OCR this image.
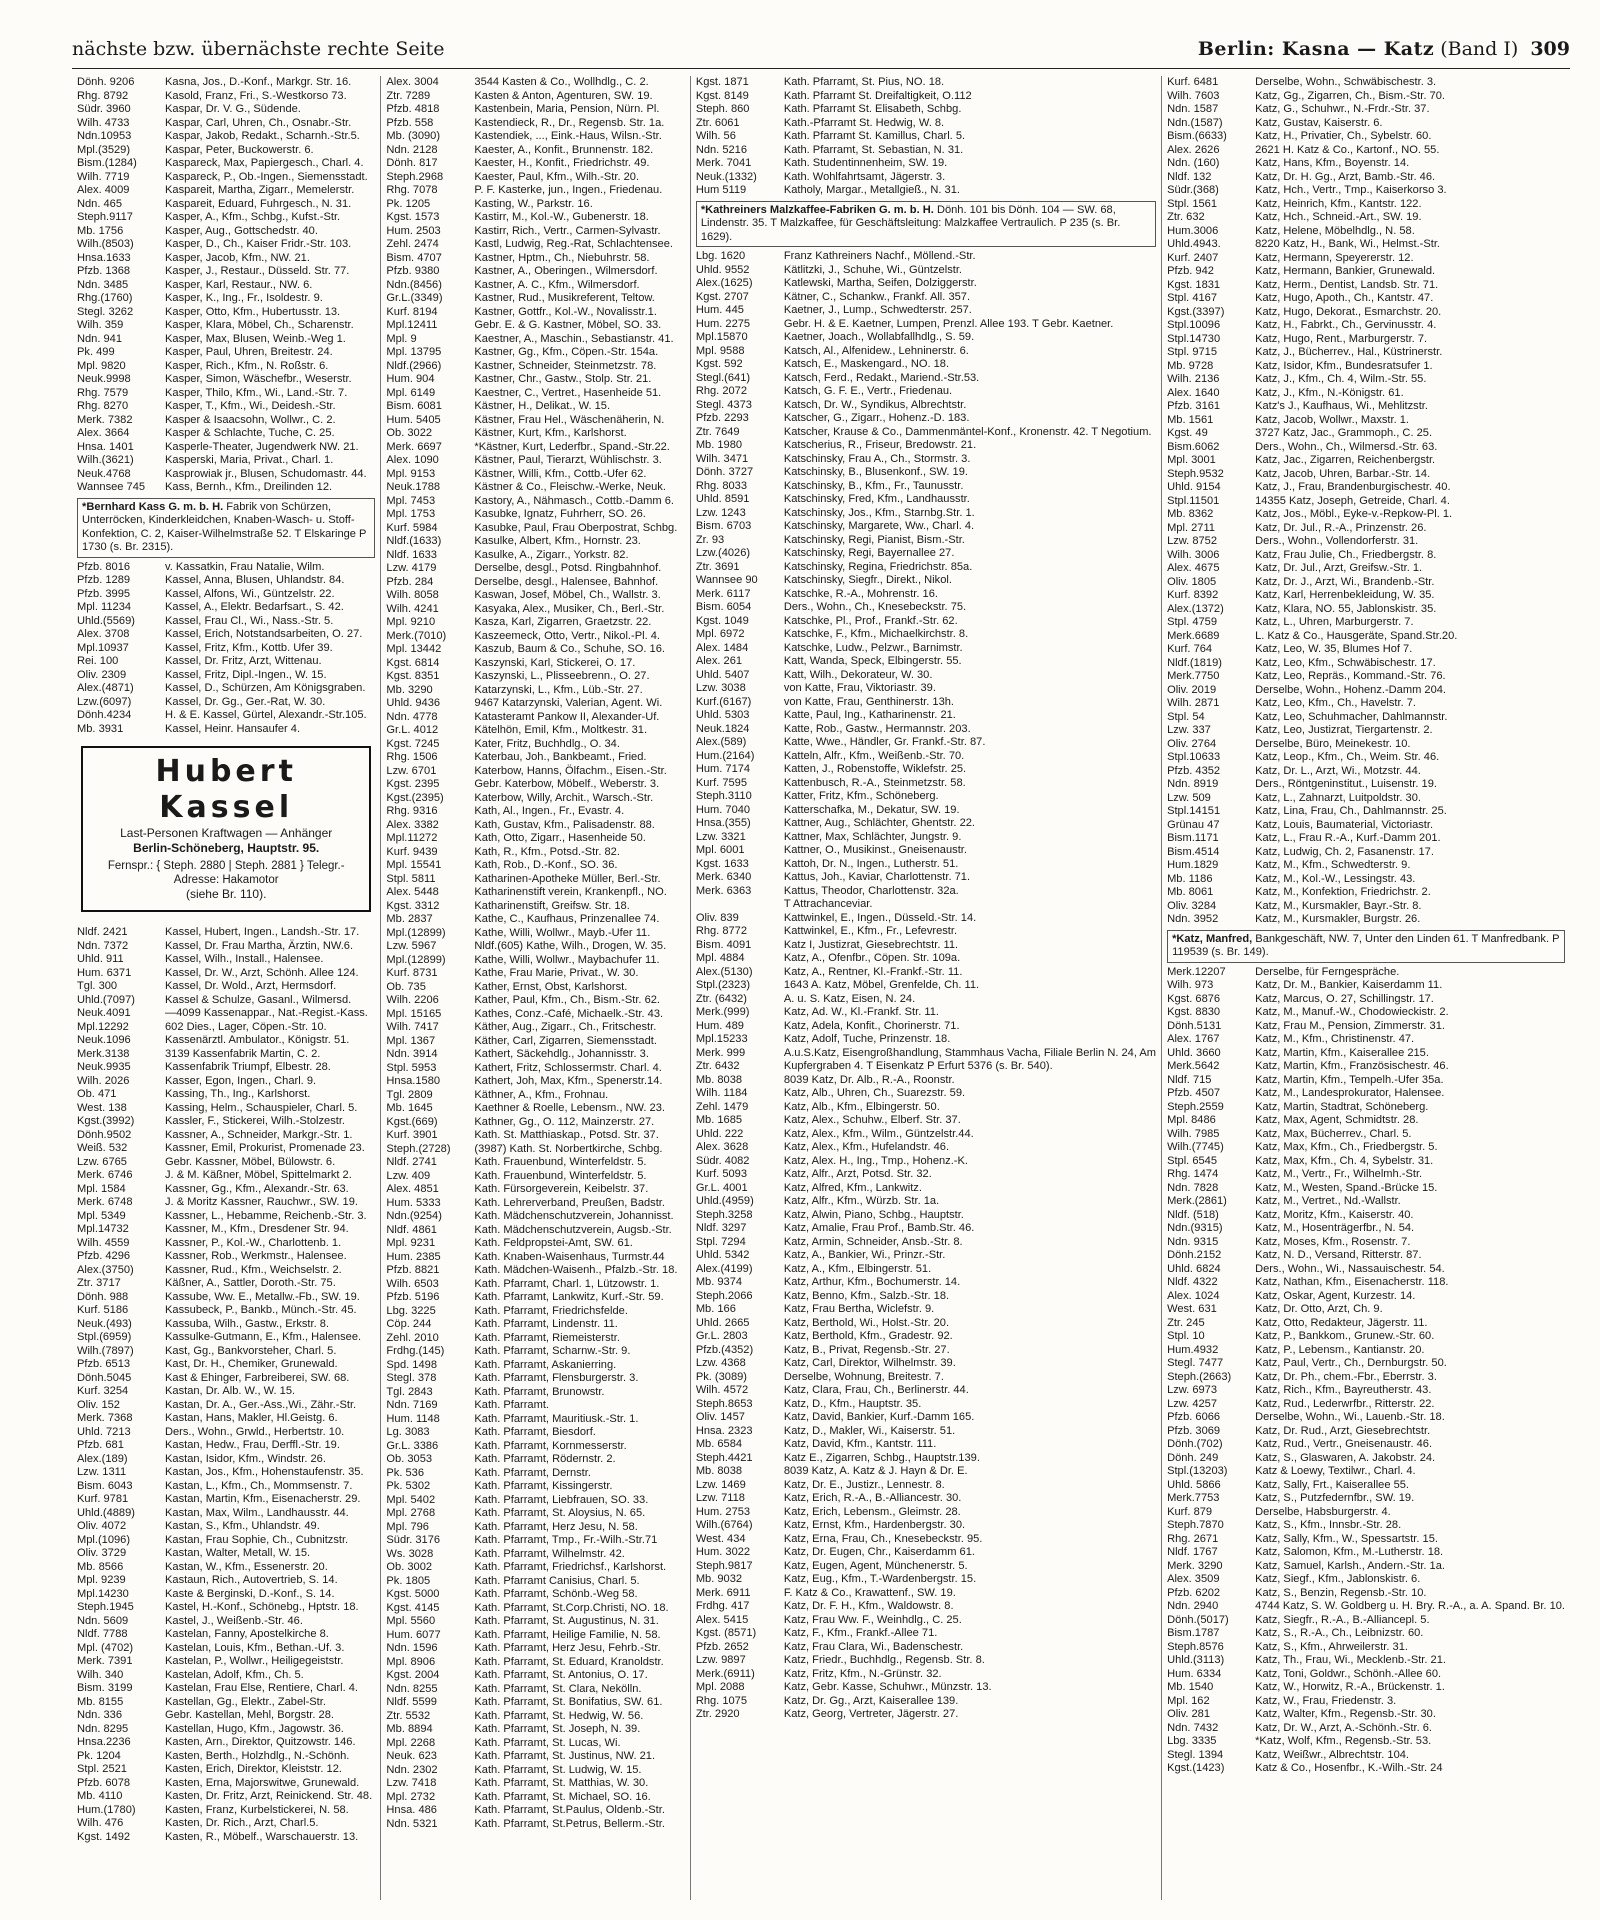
nächste bzw. übernächste rechte Seite	Berlin: Kasna — Katz (Band I) 309
Dönh. 9206	Kasna, Jos., D.-Konf., Markgr. Str. 16.
Rhg. 8792	Kasold, Franz, Fri., S.-Westkorso 73.
Südr. 3960	Kaspar, Dr. V. G., Südende.
Wilh. 4733	Kaspar, Carl, Uhren, Ch., Osnabr.-Str.
Ndn.10953	Kaspar, Jakob, Redakt., Scharnh.-Str.5.
Mpl.(3529)	Kaspar, Peter, Buckowerstr. 6.
Bism.(1284)	Kaspareck, Max, Papiergesch., Charl. 4.
Wilh. 7719	Kaspareck, P., Ob.-Ingen., Siemensstadt.
Alex. 4009	Kaspareit, Martha, Zigarr., Memelerstr.
Ndn. 465	Kaspareit, Eduard, Fuhrgesch., N. 31.
Steph.9117	Kasper, A., Kfm., Schbg., Kufst.-Str.
Mb. 1756	Kasper, Aug., Gottschedstr. 40.
Wilh.(8503)	Kasper, D., Ch., Kaiser Fridr.-Str. 103.
Hnsa.1633	Kasper, Jacob, Kfm., NW. 21.
Pfzb. 1368	Kasper, J., Restaur., Düsseld. Str. 77.
Ndn. 3485	Kasper, Karl, Restaur., NW. 6.
Rhg.(1760)	Kasper, K., Ing., Fr., Isoldestr. 9.
Stegl. 3262	Kasper, Otto, Kfm., Hubertusstr. 13.
Wilh. 359	Kasper, Klara, Möbel, Ch., Scharenstr.
Ndn. 941	Kasper, Max, Blusen, Weinb.-Weg 1.
Pk. 499	Kasper, Paul, Uhren, Breitestr. 24.
Mpl. 9820	Kasper, Rich., Kfm., N. Roßstr. 6.
Neuk.9998	Kasper, Simon, Wäschefbr., Weserstr.
Rhg. 7579	Kasper, Thilo, Kfm., Wi., Land.-Str. 7.
Rhg. 8270	Kasper, T., Kfm., Wi., Deidesh.-Str.
Merk. 7382	Kasper & Isaacsohn, Wollwr., C. 2.
Alex. 3664	Kasper & Schlachte, Tuche, C. 25.
Hnsa. 1401	Kasperle-Theater, Jugendwerk NW. 21.
Wilh.(3621)	Kasperski, Maria, Privat., Charl. 1.
Neuk.4768	Kasprowiak jr., Blusen, Schudomastr. 44.
Wannsee 745 Kass, Bernh., Kfm., Dreilinden 12.
*Bernhard Kass G. m. b. H. Fabrik von Schürzen, Unterröcken, Kinderkleidchen, Knaben-Wasch- u. Stoff-Konfektion, C. 2, Kaiser-Wilhelmstraße 52. T Elskaringe P 1730 (s. Br. 2315).
Pfzb. 8016	v. Kassatkin, Frau Natalie, Wilm.
Pfzb. 1289	Kassel, Anna, Blusen, Uhlandstr. 84.
Pfzb. 3995	Kassel, Alfons, Wi., Güntzelstr. 22.
Mpl. 11234	Kassel, A., Elektr. Bedarfsart., S. 42.
Uhld.(5569)	Kassel, Frau Cl., Wi., Nass.-Str. 5.
Alex. 3708	Kassel, Erich, Notstandsarbeiten, O. 27.
Mpl.10937	Kassel, Fritz, Kfm., Kottb. Ufer 39.
Rei. 100	Kassel, Dr. Fritz, Arzt, Wittenau.
Oliv. 2309	Kassel, Fritz, Dipl.-Ingen., W. 15.
Alex.(4871)	Kassel, D., Schürzen, Am Königsgraben.
Lzw.(6097)	Kassel, Dr. Gg., Ger.-Rat, W. 30.
Dönh.4234	H. & E. Kassel, Gürtel, Alexandr.-Str.105.
Mb. 3931	Kassel, Heinr. Hansaufer 4.
Hubert Kassel
Last-Personen Kraftwagen — Anhänger
Berlin-Schöneberg, Hauptstr. 95.
Fernspr.: { Steph. 2880 | Steph. 2881 } Telegr.-Adresse: Hakamotor
(siehe Br. 110).
Nldf. 2421	Kassel, Hubert, Ingen., Landsh.-Str. 17.
Ndn. 7372	Kassel, Dr. Frau Martha, Ärztin, NW.6.
Uhld. 911	Kassel, Wilh., Install., Halensee.
Hum. 6371	Kassel, Dr. W., Arzt, Schönh. Allee 124.
Tgl. 300	Kassel, Dr. Wold., Arzt, Hermsdorf.
Uhld.(7097)	Kassel & Schulze, Gasanl., Wilmersd.
Neuk.4091	—4099 Kassenappar., Nat.-Regist.-Kass.
Mpl.12292	602 Dies., Lager, Cöpen.-Str. 10.
Neuk.1096	Kassenärztl. Ambulator., Königstr. 51.
Merk.3138	3139 Kassenfabrik Martin, C. 2.
Neuk.9935	Kassenfabrik Triumpf, Elbestr. 28.
Wilh. 2026	Kasser, Egon, Ingen., Charl. 9.
Ob. 471	Kassing, Th., Ing., Karlshorst.
West. 138	Kassing, Helm., Schauspieler, Charl. 5.
Kgst.(3992)	Kassler, F., Stickerei, Wilh.-Stolzestr.
Dönh.9502	Kassner, A., Schneider, Markgr.-Str. 1.
Weiß. 532	Kassner, Emil, Prokurist, Promenade 23.
Lzw. 6765	Gebr. Kassner, Möbel, Bülowstr. 6.
Merk. 6746	J. & M. Käßner, Möbel, Spittelmarkt 2.
Mpl. 1584	Kassner, Gg., Kfm., Alexandr.-Str. 63.
Merk. 6748	J. & Moritz Kassner, Rauchwr., SW. 19.
Mpl. 5349	Kassner, L., Hebamme, Reichenb.-Str. 3.
Mpl.14732	Kassner, M., Kfm., Dresdener Str. 94.
Wilh. 4559	Kassner, P., Kol.-W., Charlottenb. 1.
Pfzb. 4296	Kassner, Rob., Werkmstr., Halensee.
Alex.(3750)	Kassner, Rud., Kfm., Weichselstr. 2.
Ztr. 3717	Käßner, A., Sattler, Doroth.-Str. 75.
Dönh. 988	Kassube, Ww. E., Metallw.-Fb., SW. 19.
Kurf. 5186	Kassubeck, P., Bankb., Münch.-Str. 45.
Neuk.(493)	Kassuba, Wilh., Gastw., Erkstr. 8.
Stpl.(6959)	Kassulke-Gutmann, E., Kfm., Halensee.
Wilh.(7897)	Kast, Gg., Bankvorsteher, Charl. 5.
Pfzb. 6513	Kast, Dr. H., Chemiker, Grunewald.
Dönh.5045	Kast & Ehinger, Farbreiberei, SW. 68.
Kurf. 3254	Kastan, Dr. Alb. W., W. 15.
Oliv. 152	Kastan, Dr. A., Ger.-Ass.,Wi., Zähr.-Str.
Merk. 7368	Kastan, Hans, Makler, Hl.Geistg. 6.
Uhld. 7213	Ders., Wohn., Grwld., Herbertstr. 10.
Pfzb. 681	Kastan, Hedw., Frau, Derffl.-Str. 19.
Alex.(189)	Kastan, Isidor, Kfm., Windstr. 26.
Lzw. 1311	Kastan, Jos., Kfm., Hohenstaufenstr. 35.
Bism. 6043	Kastan, L., Kfm., Ch., Mommsenstr. 7.
Kurf. 9781	Kastan, Martin, Kfm., Eisenacherstr. 29.
Uhld.(4889)	Kastan, Max, Wilm., Landhausstr. 44.
Oliv. 4072	Kastan, S., Kfm., Uhlandstr. 49.
Mpl.(1096)	Kastan, Frau Sophie, Ch., Cubnitzstr.
Oliv. 3729	Kastan, Walter, Metall, W. 15.
Mb. 8566	Kastan, W., Kfm., Essenerstr. 20.
Mpl. 9239	Kastaun, Rich., Autovertrieb, S. 14.
Mpl.14230	Kaste & Berginski, D.-Konf., S. 14.
Steph.1945	Kastel, H.-Konf., Schönebg., Hptstr. 18.
Ndn. 5609	Kastel, J., Weißenb.-Str. 46.
Nldf. 7788	Kastelan, Fanny, Apostelkirche 8.
Mpl. (4702)	Kastelan, Louis, Kfm., Bethan.-Uf. 3.
Merk. 7391	Kastelan, P., Wollwr., Heiligegeiststr.
Wilh. 340	Kastelan, Adolf, Kfm., Ch. 5.
Bism. 3199	Kastelan, Frau Else, Rentiere, Charl. 4.
Mb. 8155	Kastellan, Gg., Elektr., Zabel-Str.
Ndn. 336	Gebr. Kastellan, Mehl, Borgstr. 28.
Ndn. 8295	Kastellan, Hugo, Kfm., Jagowstr. 36.
Hnsa.2236	Kasten, Arn., Direktor, Quitzowstr. 146.
Pk. 1204	Kasten, Berth., Holzhdlg., N.-Schönh.
Stpl. 2521	Kasten, Erich, Direktor, Kleiststr. 12.
Pfzb. 6078	Kasten, Erna, Majorswitwe, Grunewald.
Mb. 4110	Kasten, Dr. Fritz, Arzt, Reinickend. Str. 48.
Hum.(1780)	Kasten, Franz, Kurbelstickerei, N. 58.
Wilh. 476	Kasten, Dr. Rich., Arzt, Charl.5.
Kgst. 1492	Kasten, R., Möbelf., Warschauerstr. 13.
Alex. 3004	3544 Kasten & Co., Wollhdlg., C. 2.
Ztr. 7289	Kasten & Anton, Agenturen, SW. 19.
Pfzb. 4818	Kastenbein, Maria, Pension, Nürn. Pl.
Pfzb. 558	Kastendieck, R., Dr., Regensb. Str. 1a.
Mb. (3090)	Kastendiek, ..., Eink.-Haus, Wilsn.-Str.
Ndn. 2128	Kaester, A., Konfit., Brunnenstr. 182.
Dönh. 817	Kaester, H., Konfit., Friedrichstr. 49.
Steph.2968	Kaester, Paul, Kfm., Wilh.-Str. 20.
Rhg. 7078	P. F. Kasterke, jun., Ingen., Friedenau.
Pk. 1205	Kasting, W., Parkstr. 16.
Kgst. 1573	Kastirr, M., Kol.-W., Gubenerstr. 18.
Hum. 2503	Kastirr, Rich., Vertr., Carmen-Sylvastr.
Zehl. 2474	Kastl, Ludwig, Reg.-Rat, Schlachtensee.
Bism. 4707	Kastner, Hptm., Ch., Niebuhrstr. 58.
Pfzb. 9380	Kastner, A., Oberingen., Wilmersdorf.
Ndn.(8456)	Kastner, A. C., Kfm., Wilmersdorf.
Gr.L.(3349)	Kastner, Rud., Musikreferent, Teltow.
Kurf. 8194	Kastner, Gottfr., Kol.-W., Novalisstr.1.
Mpl.12411	Gebr. E. & G. Kastner, Möbel, SO. 33.
Mpl. 9	Kaestner, A., Maschin., Sebastianstr. 41.
Mpl. 13795	Kastner, Gg., Kfm., Cöpen.-Str. 154a.
Nldf.(2966)	Kastner, Schneider, Steinmetzstr. 78.
Hum. 904	Kastner, Chr., Gastw., Stolp. Str. 21.
Mpl. 6149	Kaestner, C., Vertret., Hasenheide 51.
Bism. 6081	Kästner, H., Delikat., W. 15.
Hum. 5405	Kästner, Frau Hel., Wäschenäherin, N.
Ob. 3022	Kästner, Kurt, Kfm., Karlshorst.
Merk. 6697	*Kästner, Kurt, Lederfbr., Spand.-Str.22.
Alex. 1090	Kästner, Paul, Tierarzt, Wühlischstr. 3.
Mpl. 9153	Kästner, Willi, Kfm., Cottb.-Ufer 62.
Neuk.1788	Kästner & Co., Fleischw.-Werke, Neuk.
Mpl. 7453	Kastory, A., Nähmasch., Cottb.-Damm 6.
Mpl. 1753	Kasubke, Ignatz, Fuhrherr, SO. 26.
Kurf. 5984	Kasubke, Paul, Frau Oberpostrat, Schbg.
Nldf.(1633)	Kasulke, Albert, Kfm., Hornstr. 23.
Nldf. 1633	Kasulke, A., Zigarr., Yorkstr. 82.
Lzw. 4179	Derselbe, desgl., Potsd. Ringbahnhof.
Pfzb. 284	Derselbe, desgl., Halensee, Bahnhof.
Wilh. 8058	Kaswan, Josef, Möbel, Ch., Wallstr. 3.
Wilh. 4241	Kasyaka, Alex., Musiker, Ch., Berl.-Str.
Mpl. 9210	Kasza, Karl, Zigarren, Graetzstr. 22.
Merk.(7010)	Kaszeemeck, Otto, Vertr., Nikol.-Pl. 4.
Mpl. 13442	Kaszub, Baum & Co., Schuhe, SO. 16.
Kgst. 6814	Kaszynski, Karl, Stickerei, O. 17.
Kgst. 8351	Kaszynski, L., Plisseebrenn., O. 27.
Mb. 3290	Katarzynski, L., Kfm., Lüb.-Str. 27.
Uhld. 9436	9467 Katarzynski, Valerian, Agent. Wi.
Ndn. 4778	Katasteramt Pankow II, Alexander-Uf.
Gr.L. 4012	Kätelhön, Emil, Kfm., Moltkestr. 31.
Kgst. 7245	Kater, Fritz, Buchhdlg., O. 34.
Rhg. 1506	Katerbau, Joh., Bankbeamt., Fried.
Lzw. 6701	Katerbow, Hanns, Ölfachm., Eisen.-Str.
Kgst. 2395	Gebr. Katerbow, Möbelf., Weberstr. 3.
Kgst.(2395)	Katerbow, Willy, Archit., Warsch.-Str.
Rhg. 9316	Kath, Al., Ingen., Fr., Evastr. 4.
Alex. 3382	Kath, Gustav, Kfm., Palisadenstr. 88.
Mpl.11272	Kath, Otto, Zigarr., Hasenheide 50.
Kurf. 9439	Kath, R., Kfm., Potsd.-Str. 82.
Mpl. 15541	Kath, Rob., D.-Konf., SO. 36.
Stpl. 5811	Katharinen-Apotheke Müller, Berl.-Str.
Alex. 5448	Katharinenstift verein, Krankenpfl., NO.
Kgst. 3312	Katharinenstift, Greifsw. Str. 18.
Mb. 2837	Kathe, C., Kaufhaus, Prinzenallee 74.
Mpl.(12899)	Kathe, Willi, Wollwr., Mayb.-Ufer 11.
Lzw. 5967	Nldf.(605) Kathe, Wilh., Drogen, W. 35.
Mpl.(12899)	Kathe, Willi, Wollwr., Maybachufer 11.
Kurf. 8731	Kathe, Frau Marie, Privat., W. 30.
Ob. 735	Kather, Ernst, Obst, Karlshorst.
Wilh. 2206	Kather, Paul, Kfm., Ch., Bism.-Str. 62.
Mpl. 15165	Kathes, Conz.-Café, Michaelk.-Str. 43.
Wilh. 7417	Käther, Aug., Zigarr., Ch., Fritschestr.
Mpl. 1367	Käther, Carl, Zigarren, Siemensstadt.
Ndn. 3914	Kathert, Säckehdlg., Johannisstr. 3.
Stpl. 5953	Kathert, Fritz, Schlossermstr. Charl. 4.
Hnsa.1580	Kathert, Joh, Max, Kfm., Spenerstr.14.
Tgl. 2809	Käthner, A., Kfm., Frohnau.
Mb. 1645	Kaethner & Roelle, Lebensm., NW. 23.
Kgst.(669)	Kathner, Gg., O. 112, Mainzerstr. 27.
Kurf. 3901	Kath. St. Matthiaskap., Potsd. Str. 37.
Steph.(2728) (3987) Kath. St. Norbertkirche, Schbg.
Nldf. 2741	Kath. Frauenbund, Winterfeldstr. 5.
Lzw. 409	Kath. Frauenbund, Winterfeldstr. 5.
Alex. 4851	Kath. Fürsorgeverein, Keibelstr. 37.
Hum. 5333	Kath. Lehrerverband, Preußen, Badstr.
Ndn.(9254)	Kath. Mädchenschutzverein, Johannisst.
Nldf. 4861	Kath. Mädchenschutzverein, Augsb.-Str.
Mpl. 9231	Kath. Feldpropstei-Amt, SW. 61.
Hum. 2385	Kath. Knaben-Waisenhaus, Turmstr.44
Pfzb. 8821	Kath. Mädchen-Waisenh., Pfalzb.-Str. 18.
Wilh. 6503	Kath. Pfarramt, Charl. 1, Lützowstr. 1.
Pfzb. 5196	Kath. Pfarramt, Lankwitz, Kurf.-Str. 59.
Lbg. 3225	Kath. Pfarramt, Friedrichsfelde.
Cöp. 244	Kath. Pfarramt, Lindenstr. 11.
Zehl. 2010	Kath. Pfarramt, Riemeisterstr.
Frdhg.(145)	Kath. Pfarramt, Scharnw.-Str. 9.
Spd. 1498	Kath. Pfarramt, Askanierring.
Stegl. 378	Kath. Pfarramt, Flensburgerstr. 3.
Tgl. 2843	Kath. Pfarramt, Brunowstr.
Ndn. 7169	Kath. Pfarramt.
Hum. 1148	Kath. Pfarramt, Mauritiusk.-Str. 1.
Lg. 3083	Kath. Pfarramt, Biesdorf.
Gr.L. 3386	Kath. Pfarramt, Kornmesserstr.
Ob. 3053	Kath. Pfarramt, Rödernstr. 2.
Pk. 536	Kath. Pfarramt, Dernstr.
Pk. 5302	Kath. Pfarramt, Kissingerstr.
Mpl. 5402	Kath. Pfarramt, Liebfrauen, SO. 33.
Mpl. 2768	Kath. Pfarramt, St. Aloysius, N. 65.
Mpl. 796	Kath. Pfarramt, Herz Jesu, N. 58.
Südr. 3176	Kath. Pfarramt, Tmp., Fr.-Wilh.-Str.71
Ws. 3028	Kath. Pfarramt, Wilhelmstr. 42.
Ob. 3002	Kath. Pfarramt, Friedrichsf., Karlshorst.
Pk. 1805	Kath. Pfarramt Canisius, Charl. 5.
Kgst. 5000	Kath. Pfarramt, Schönb.-Weg 58.
Kgst. 4145	Kath. Pfarramt, St.Corp.Christi, NO. 18.
Mpl. 5560	Kath. Pfarramt, St. Augustinus, N. 31.
Hum. 6077	Kath. Pfarramt, Heilige Familie, N. 58.
Ndn. 1596	Kath. Pfarramt, Herz Jesu, Fehrb.-Str.
Mpl. 8906	Kath. Pfarramt, St. Eduard, Kranoldstr.
Kgst. 2004	Kath. Pfarramt, St. Antonius, O. 17.
Ndn. 8255	Kath. Pfarramt, St. Clara, Nekölln.
Nldf. 5599	Kath. Pfarramt, St. Bonifatius, SW. 61.
Ztr. 5532	Kath. Pfarramt, St. Hedwig, W. 56.
Mb. 8894	Kath. Pfarramt, St. Joseph, N. 39.
Mpl. 2268	Kath. Pfarramt, St. Lucas, Wi.
Neuk. 623	Kath. Pfarramt, St. Justinus, NW. 21.
Ndn. 2302	Kath. Pfarramt, St. Ludwig, W. 15.
Lzw. 7418	Kath. Pfarramt, St. Matthias, W. 30.
Mpl. 2732	Kath. Pfarramt, St. Michael, SO. 16.
Hnsa. 486	Kath. Pfarramt, St.Paulus, Oldenb.-Str.
Ndn. 5321	Kath. Pfarramt, St.Petrus, Bellerm.-Str.
Kgst. 1871	Kath. Pfarramt, St. Pius, NO. 18.
Kgst. 8149	Kath. Pfarramt St. Dreifaltigkeit, O.112
Steph. 860	Kath. Pfarramt St. Elisabeth, Schbg.
Ztr. 6061	Kath.-Pfarramt St. Hedwig, W. 8.
Wilh. 56	Kath. Pfarramt St. Kamillus, Charl. 5.
Ndn. 5216	Kath. Pfarramt, St. Sebastian, N. 31.
Merk. 7041	Kath. Studentinnenheim, SW. 19.
Neuk.(1332) Kath. Wohlfahrtsamt, Jägerstr. 3.
Hum 5119	Katholy, Margar., Metallgieß., N. 31.
*Kathreiners Malzkaffee-Fabriken G. m. b. H. Dönh. 101 bis Dönh. 104 — SW. 68, Lindenstr. 35. T Malzkaffee, für Geschäftsleitung: Malzkaffee Vertraulich. P 235 (s. Br. 1629).
Lbg. 1620	Franz Kathreiners Nachf., Möllend.-Str.
Uhld. 9552	Kätlitzki, J., Schuhe, Wi., Güntzelstr.
Alex.(1625)	Katlewski, Martha, Seifen, Dolziggerstr.
Kgst. 2707	Kätner, C., Schankw., Frankf. All. 357.
Hum. 445	Kaetner, J., Lump., Schwedterstr. 257.
Hum. 2275	Gebr. H. & E. Kaetner, Lumpen, Prenzl. Allee 193. T Gebr. Kaetner.
Mpl.15870	Kaetner, Joach., Wollabfallhdlg., S. 59.
Mpl. 9588	Katsch, Al., Alfenidew., Lehninerstr. 6.
Kgst. 592	Katsch, E., Maskengard., NO. 18.
Stegl.(641)	Katsch, Ferd., Redakt., Mariend.-Str.53.
Rhg. 2072	Katsch, G. F. E., Vertr., Friedenau.
Stegl. 4373	Katsch, Dr. W., Syndikus, Albrechtstr.
Pfzb. 2293	Katscher, G., Zigarr., Hohenz.-D. 183.
Ztr. 7649	Katscher, Krause & Co., Dammenmäntel-Konf., Kronenstr. 42. T Negotium.
Mb. 1980	Katscherius, R., Friseur, Bredowstr. 21.
Wilh. 3471	Katschinsky, Frau A., Ch., Stormstr. 3.
Dönh. 3727	Katschinsky, B., Blusenkonf., SW. 19.
Rhg. 8033	Katschinsky, B., Kfm., Fr., Taunusstr.
Uhld. 8591	Katschinsky, Fred, Kfm., Landhausstr.
Lzw. 1243	Katschinsky, Jos., Kfm., Starnbg.Str. 1.
Bism. 6703	Katschinsky, Margarete, Ww., Charl. 4.
Zr. 93	Katschinsky, Regi, Pianist, Bism.-Str.
Lzw.(4026)	Katschinsky, Regi, Bayernallee 27.
Ztr. 3691	Katschinsky, Regina, Friedrichstr. 85a.
Wannsee 90 Katschinsky, Siegfr., Direkt., Nikol.
Merk. 6117	Katschke, R.-A., Mohrenstr. 16.
Bism. 6054	Ders., Wohn., Ch., Knesebeckstr. 75.
Kgst. 1049	Katschke, Pl., Prof., Frankf.-Str. 62.
Mpl. 6972	Katschke, F., Kfm., Michaelkirchstr. 8.
Alex. 1484	Katschke, Ludw., Pelzwr., Barnimstr.
Alex. 261	Katt, Wanda, Speck, Elbingerstr. 55.
Uhld. 5407	Katt, Wilh., Dekorateur, W. 30.
Lzw. 3038	von Katte, Frau, Viktoriastr. 39.
Kurf.(6167)	von Katte, Frau, Genthinerstr. 13h.
Uhld. 5303	Katte, Paul, Ing., Katharinenstr. 21.
Neuk.1824	Katte, Rob., Gastw., Hermannstr. 203.
Alex.(589)	Katte, Wwe., Händler, Gr. Frankf.-Str. 87.
Hum.(2164)	Katteln, Alfr., Kfm., Weißenb.-Str. 70.
Hum. 7174	Katten, J., Robenstoffe, Wiklefstr. 25.
Kurf. 7595	Kattenbusch, R.-A., Steinmetzstr. 58.
Steph.3110	Katter, Fritz, Kfm., Schöneberg.
Hum. 7040	Katterschafka, M., Dekatur, SW. 19.
Hnsa.(355)	Kattner, Aug., Schlächter, Ghentstr. 22.
Lzw. 3321	Kattner, Max, Schlächter, Jungstr. 9.
Mpl. 6001	Kattner, O., Musikinst., Gneisenaustr.
Kgst. 1633	Kattoh, Dr. N., Ingen., Lutherstr. 51.
Merk. 6340	Kattus, Joh., Kaviar, Charlottenstr. 71.
Merk. 6363	Kattus, Theodor, Charlottenstr. 32a.
T Attrachanceviar.
Oliv. 839	Kattwinkel, E., Ingen., Düsseld.-Str. 14.
Rhg. 8772	Kattwinkel, E., Kfm., Fr., Lefevrestr.
Bism. 4091	Katz I, Justizrat, Giesebrechtstr. 11.
Mpl. 4884	Katz, A., Ofenfbr., Cöpen. Str. 109a.
Alex.(5130)	Katz, A., Rentner, Kl.-Frankf.-Str. 11.
Stpl.(2323)	1643 A. Katz, Möbel, Grenfelde, Ch. 11.
Ztr. (6432)	A. u. S. Katz, Eisen, N. 24.
Merk.(999)	Katz, Ad. W., Kl.-Frankf. Str. 11.
Hum. 489	Katz, Adela, Konfit., Chorinerstr. 71.
Mpl.15233	Katz, Adolf, Tuche, Prinzenstr. 18.
Merk. 999	A.u.S.Katz, Eisengroßhandlung, Stammhaus Vacha, Filiale Berlin N. 24, Am
Ztr. 6432	Kupfergraben 4. T Eisenkatz P Erfurt 5376 (s. Br. 540).
Mb. 8038	8039 Katz, Dr. Alb., R.-A., Roonstr.
Wilh. 1184	Katz, Alb., Uhren, Ch., Suarezstr. 59.
Zehl. 1479	Katz, Alb., Kfm., Elbingerstr. 50.
Mb. 1685	Katz, Alex., Schuhw., Elberf. Str. 37.
Uhld. 222	Katz, Alex., Kfm., Wilm., Güntzelstr.44.
Alex. 3628	Katz, Alex., Kfm., Hufelandstr. 46.
Südr. 4082	Katz, Alex. H., Ing., Tmp., Hohenz.-K.
Kurf. 5093	Katz, Alfr., Arzt, Potsd. Str. 32.
Gr.L. 4001	Katz, Alfred, Kfm., Lankwitz.
Uhld.(4959)	Katz, Alfr., Kfm., Würzb. Str. 1a.
Steph.3258	Katz, Alwin, Piano, Schbg., Hauptstr.
Nldf. 3297	Katz, Amalie, Frau Prof., Bamb.Str. 46.
Stpl. 7294	Katz, Armin, Schneider, Ansb.-Str. 8.
Uhld. 5342	Katz, A., Bankier, Wi., Prinzr.-Str.
Alex.(4199)	Katz, A., Kfm., Elbingerstr. 51.
Mb. 9374	Katz, Arthur, Kfm., Bochumerstr. 14.
Steph.2066	Katz, Benno, Kfm., Salzb.-Str. 18.
Mb. 166	Katz, Frau Bertha, Wiclefstr. 9.
Uhld. 2665	Katz, Berthold, Wi., Holst.-Str. 20.
Gr.L. 2803	Katz, Berthold, Kfm., Gradestr. 92.
Pfzb.(4352)	Katz, B., Privat, Regensb.-Str. 27.
Lzw. 4368	Katz, Carl, Direktor, Wilhelmstr. 39.
Pk. (3089)	Derselbe, Wohnung, Breitestr. 7.
Wilh. 4572	Katz, Clara, Frau, Ch., Berlinerstr. 44.
Steph.8653	Katz, D., Kfm., Hauptstr. 35.
Oliv. 1457	Katz, David, Bankier, Kurf.-Damm 165.
Hnsa. 2323	Katz, D., Makler, Wi., Kaiserstr. 51.
Mb. 6584	Katz, David, Kfm., Kantstr. 111.
Steph.4421	Katz E., Zigarren, Schbg., Hauptstr.139.
Mb. 8038	8039 Katz, A. Katz & J. Hayn & Dr. E.
Lzw. 1469	Katz, Dr. E., Justizr., Lennestr. 8.
Lzw. 7118	Katz, Erich, R.-A., B.-Alliancestr. 30.
Hum. 2753	Katz, Erich, Lebensm., Gleimstr. 28.
Wilh.(6764)	Katz, Ernst, Kfm., Hardenbergstr. 30.
West. 434	Katz, Erna, Frau, Ch., Knesebeckstr. 95.
Hum. 3022	Katz, Dr. Eugen, Chr., Kaiserdamm 61.
Steph.9817	Katz, Eugen, Agent, Münchenerstr. 5.
Mb. 9032	Katz, Eug., Kfm., T.-Wardenbergstr. 15.
Merk. 6911	F. Katz & Co., Krawattenf., SW. 19.
Frdhg. 417	Katz, Dr. F. H., Kfm., Waldowstr. 8.
Alex. 5415	Katz, Frau Ww. F., Weinhdlg., C. 25.
Kgst. (8571) Katz, F., Kfm., Frankf.-Allee 71.
Pfzb. 2652	Katz, Frau Clara, Wi., Badenschestr.
Lzw. 9897	Katz, Friedr., Buchhdlg., Regensb. Str. 8.
Merk.(6911)	Katz, Fritz, Kfm., N.-Grünstr. 32.
Mpl. 2088	Katz, Gebr. Kasse, Schuhwr., Münzstr. 13.
Rhg. 1075	Katz, Dr. Gg., Arzt, Kaiserallee 139.
Ztr. 2920	Katz, Georg, Vertreter, Jägerstr. 27.
Kurf. 6481	Derselbe, Wohn., Schwäbischestr. 3.
Wilh. 7603	Katz, Gg., Zigarren, Ch., Bism.-Str. 70.
Ndn. 1587	Katz, G., Schuhwr., N.-Frdr.-Str. 37.
Ndn.(1587)	Katz, Gustav, Kaiserstr. 6.
Bism.(6633)	Katz, H., Privatier, Ch., Sybelstr. 60.
Alex. 2626	2621 H. Katz & Co., Kartonf., NO. 55.
Ndn. (160)	Katz, Hans, Kfm., Boyenstr. 14.
Nldf. 132	Katz, Dr. H. Gg., Arzt, Bamb.-Str. 46.
Südr.(368)	Katz, Hch., Vertr., Tmp., Kaiserkorso 3.
Stpl. 1561	Katz, Heinrich, Kfm., Kantstr. 122.
Ztr. 632	Katz, Hch., Schneid.-Art., SW. 19.
Hum.3006	Katz, Helene, Möbelhdlg., N. 58.
Uhld.4943.	8220 Katz, H., Bank, Wi., Helmst.-Str.
Kurf. 2407	Katz, Hermann, Speyererstr. 12.
Pfzb. 942	Katz, Hermann, Bankier, Grunewald.
Kgst. 1831	Katz, Herm., Dentist, Landsb. Str. 71.
Stpl. 4167	Katz, Hugo, Apoth., Ch., Kantstr. 47.
Kgst.(3397)	Katz, Hugo, Dekorat., Esmarchstr. 20.
Stpl.10096	Katz, H., Fabrkt., Ch., Gervinusstr. 4.
Stpl.14730	Katz, Hugo, Rent., Marburgerstr. 7.
Stpl. 9715	Katz, J., Bücherrev., Hal., Küstrinerstr.
Mb. 9728	Katz, Isidor, Kfm., Bundesratsufer 1.
Wilh. 2136	Katz, J., Kfm., Ch. 4, Wilm.-Str. 55.
Alex. 1640	Katz, J., Kfm., N.-Königstr. 61.
Pfzb. 3161	Katz's J., Kaufhaus, Wi., Mehlitzstr.
Mb. 1561	Katz, Jacob, Wollwr., Maxstr. 1.
Kgst. 49	3727 Katz, Jac., Grammoph., C. 25.
Bism.6062	Ders., Wohn., Ch., Wilmersd.-Str. 63.
Mpl. 3001	Katz, Jac., Zigarren, Reichenbergstr.
Steph.9532	Katz, Jacob, Uhren, Barbar.-Str. 14.
Uhld. 9154	Katz, J., Frau, Brandenburgischestr. 40.
Stpl.11501	14355 Katz, Joseph, Getreide, Charl. 4.
Mb. 8362	Katz, Jos., Möbl., Eyke-v.-Repkow-Pl. 1.
Mpl. 2711	Katz, Dr. Jul., R.-A., Prinzenstr. 26.
Lzw. 8752	Ders., Wohn., Vollendorferstr. 31.
Wilh. 3006	Katz, Frau Julie, Ch., Friedbergstr. 8.
Alex. 4675	Katz, Dr. Jul., Arzt, Greifsw.-Str. 1.
Oliv. 1805	Katz, Dr. J., Arzt, Wi., Brandenb.-Str.
Kurf. 8392	Katz, Karl, Herrenbekleidung, W. 35.
Alex.(1372)	Katz, Klara, NO. 55, Jablonskistr. 35.
Stpl. 4759	Katz, L., Uhren, Marburgerstr. 7.
Merk.6689	L. Katz & Co., Hausgeräte, Spand.Str.20.
Kurf. 764	Katz, Leo, W. 35, Blumes Hof 7.
Nldf.(1819)	Katz, Leo, Kfm., Schwäbischestr. 17.
Merk.7750	Katz, Leo, Repräs., Kommand.-Str. 76.
Oliv. 2019	Derselbe, Wohn., Hohenz.-Damm 204.
Wilh. 2871	Katz, Leo, Kfm., Ch., Havelstr. 7.
Stpl. 54	Katz, Leo, Schuhmacher, Dahlmannstr.
Lzw. 337	Katz, Leo, Justizrat, Tiergartenstr. 2.
Oliv. 2764	Derselbe, Büro, Meinekestr. 10.
Stpl.10633	Katz, Leop., Kfm., Ch., Weim. Str. 46.
Pfzb. 4352	Katz, Dr. L., Arzt, Wi., Motzstr. 44.
Ndn. 8919	Ders., Röntgeninstitut., Luisenstr. 19.
Lzw. 509	Katz, L., Zahnarzt, Luitpoldstr. 30.
Stpl.14151	Katz, Lina, Frau, Ch., Dahlmannstr. 25.
Grünau 47	Katz, Louis, Baumaterial, Victoriastr.
Bism.1171	Katz, L., Frau R.-A., Kurf.-Damm 201.
Bism.4514	Katz, Ludwig, Ch. 2, Fasanenstr. 17.
Hum.1829	Katz, M., Kfm., Schwedterstr. 9.
Mb. 1186	Katz, M., Kol.-W., Lessingstr. 43.
Mb. 8061	Katz, M., Konfektion, Friedrichstr. 2.
Oliv. 3284	Katz, M., Kursmakler, Bayr.-Str. 8.
Ndn. 3952	Katz, M., Kursmakler, Burgstr. 26.
*Katz, Manfred, Bankgeschäft, NW. 7, Unter den Linden 61. T Manfredbank. P 119539 (s. Br. 149).
Merk.12207	Derselbe, für Ferngespräche.
Wilh. 973	Katz, Dr. M., Bankier, Kaiserdamm 11.
Kgst. 6876	Katz, Marcus, O. 27, Schillingstr. 17.
Kgst. 8830	Katz, M., Manuf.-W., Chodowieckistr. 2.
Dönh.5131	Katz, Frau M., Pension, Zimmerstr. 31.
Alex. 1767	Katz, M., Kfm., Christinenstr. 47.
Uhld. 3660	Katz, Martin, Kfm., Kaiserallee 215.
Merk.5642	Katz, Martin, Kfm., Französischestr. 46.
Nldf. 715	Katz, Martin, Kfm., Tempelh.-Ufer 35a.
Pfzb. 4507	Katz, M., Landesprokurator, Halensee.
Steph.2559	Katz, Martin, Stadtrat, Schöneberg.
Mpl. 8486	Katz, Max, Agent, Schmidtstr. 28.
Wilh. 7985	Katz, Max, Bücherrev., Charl. 5.
Wilh.(7745)	Katz, Max, Kfm., Ch., Friedbergstr. 5.
Stpl. 6545	Katz, Max, Kfm., Ch. 4, Sybelstr. 31.
Rhg. 1474	Katz, M., Vertr., Fr., Wilhelmh.-Str.
Ndn. 7828	Katz, M., Westen, Spand.-Brücke 15.
Merk.(2861)	Katz, M., Vertret., Nd.-Wallstr.
Nldf. (518)	Katz, Moritz, Kfm., Kaiserstr. 40.
Ndn.(9315)	Katz, M., Hosenträgerfbr., N. 54.
Ndn. 9315	Katz, Moses, Kfm., Rosenstr. 7.
Dönh.2152	Katz, N. D., Versand, Ritterstr. 87.
Uhld. 6824	Ders., Wohn., Wi., Nassauischestr. 54.
Nldf. 4322	Katz, Nathan, Kfm., Eisenacherstr. 118.
Alex. 1024	Katz, Oskar, Agent, Kurzestr. 14.
West. 631	Katz, Dr. Otto, Arzt, Ch. 9.
Ztr. 245	Katz, Otto, Redakteur, Jägerstr. 11.
Stpl. 10	Katz, P., Bankkom., Grunew.-Str. 60.
Hum.4932	Katz, P., Lebensm., Kantianstr. 20.
Stegl. 7477	Katz, Paul, Vertr., Ch., Dernburgstr. 50.
Steph.(2663) Katz, Dr. Ph., chem.-Fbr., Eberrstr. 3.
Lzw. 6973	Katz, Rich., Kfm., Bayreutherstr. 43.
Lzw. 4257	Katz, Rud., Lederwrfbr., Ritterstr. 22.
Pfzb. 6066	Derselbe, Wohn., Wi., Lauenb.-Str. 18.
Pfzb. 3069	Katz, Dr. Rud., Arzt, Giesebrechtstr.
Dönh.(702)	Katz, Rud., Vertr., Gneisenaustr. 46.
Dönh. 249	Katz, S., Glaswaren, A. Jakobstr. 24.
Stpl.(13203) Katz & Loewy, Textilwr., Charl. 4.
Uhld. 5866	Katz, Sally, Frt., Kaiserallee 55.
Merk.7753	Katz, S., Putzfedernfbr., SW. 19.
Kurf. 879	Derselbe, Habsburgerstr. 4.
Steph.7870	Katz, S., Kfm., Innsbr.-Str. 28.
Rhg. 2671	Katz, Sally, Kfm., W., Spessartstr. 15.
Nldf. 1767	Katz, Salomon, Kfm., M.-Lutherstr. 18.
Merk. 3290	Katz, Samuel, Karlsh., Andern.-Str. 1a.
Alex. 3509	Katz, Siegf., Kfm., Jablonskistr. 6.
Pfzb. 6202	Katz, S., Benzin, Regensb.-Str. 10.
Ndn. 2940	4744 Katz, S. W. Goldberg u. H. Bry. R.-A., a. A. Spand. Br. 10.
Dönh.(5017) Katz, Siegfr., R.-A., B.-Alliancepl. 5.
Bism.1787	Katz, S., R.-A., Ch., Leibnizstr. 60.
Steph.8576	Katz, S., Kfm., Ahrweilerstr. 31.
Uhld.(3113)	Katz, Th., Frau, Wi., Mecklenb.-Str. 21.
Hum. 6334	Katz, Toni, Goldwr., Schönh.-Allee 60.
Mb. 1540	Katz, W., Horwitz, R.-A., Brückenstr. 1.
Mpl. 162	Katz, W., Frau, Friedenstr. 3.
Oliv. 281	Katz, Walter, Kfm., Regensb.-Str. 30.
Ndn. 7432	Katz, Dr. W., Arzt, A.-Schönh.-Str. 6.
Lbg. 3335	*Katz, Wolf, Kfm., Regensb.-Str. 53.
Stegl. 1394	Katz, Weißwr., Albrechtstr. 104.
Kgst.(1423)	Katz & Co., Hosenfbr., K.-Wilh.-Str. 24
